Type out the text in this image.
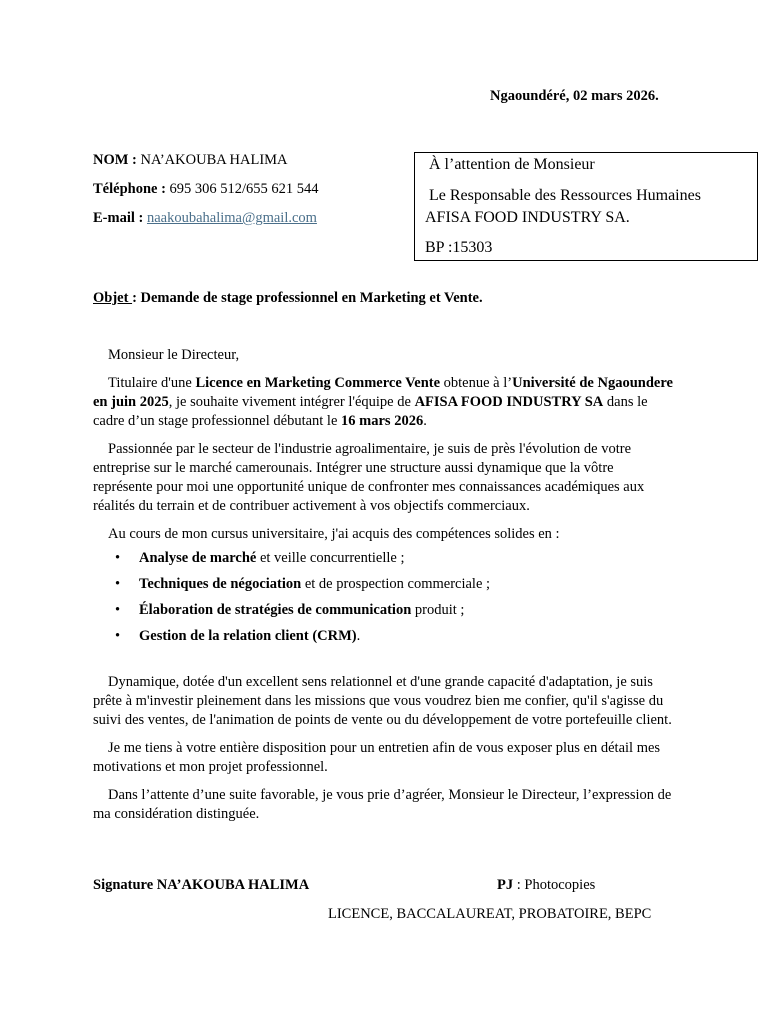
Ngaoundéré, 02 mars 2026.
NOM : NA’AKOUBA HALIMA
Téléphone : 695 306 512/655 621 544
E-mail : naakoubahalima@gmail.com
À l’attention de Monsieur
Le Responsable des Ressources Humaines
AFISA FOOD INDUSTRY SA.
BP :15303
Objet : Demande de stage professionnel en Marketing et Vente.

Monsieur le Directeur,

Titulaire d'une Licence en Marketing Commerce Vente obtenue à l’Université de Ngaoundere en juin 2025, je souhaite vivement intégrer l'équipe de AFISA FOOD INDUSTRY SA dans le cadre d’un stage professionnel débutant le 16 mars 2026.

Passionnée par le secteur de l'industrie agroalimentaire, je suis de près l'évolution de votre entreprise sur le marché camerounais. Intégrer une structure aussi dynamique que la vôtre représente pour moi une opportunité unique de confronter mes connaissances académiques aux réalités du terrain et de contribuer activement à vos objectifs commerciaux.

Au cours de mon cursus universitaire, j'ai acquis des compétences solides en :

• Analyse de marché et veille concurrentielle ;
• Techniques de négociation et de prospection commerciale ;
• Élaboration de stratégies de communication produit ;
• Gestion de la relation client (CRM).

Dynamique, dotée d'un excellent sens relationnel et d'une grande capacité d'adaptation, je suis prête à m'investir pleinement dans les missions que vous voudrez bien me confier, qu'il s'agisse du suivi des ventes, de l'animation de points de vente ou du développement de votre portefeuille client.

Je me tiens à votre entière disposition pour un entretien afin de vous exposer plus en détail mes motivations et mon projet professionnel.

Dans l’attente d’une suite favorable, je vous prie d’agréer, Monsieur le Directeur, l’expression de ma considération distinguée.

Signature NA’AKOUBA HALIMA	PJ : Photocopies
LICENCE, BACCALAUREAT, PROBATOIRE, BEPC
